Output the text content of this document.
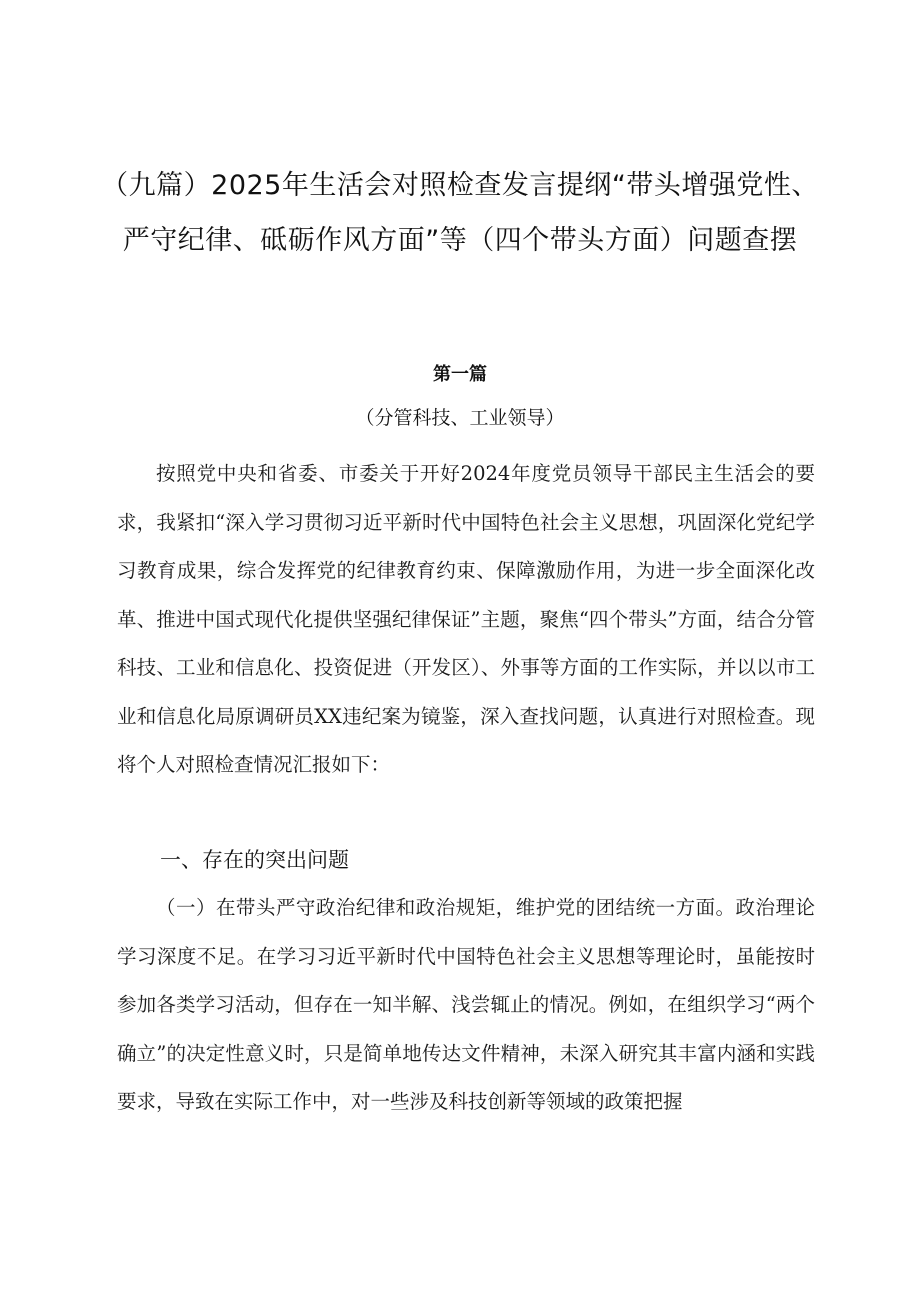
（九篇）2025年生活会对照检查发言提纲“带头增强党性、严守纪律、砥砺作风方面”等（四个带头方面）问题查摆
第一篇
（分管科技、工业领导）

按照党中央和省委、市委关于开好2024年度党员领导干部民主生活会的要求，我紧扣“深入学习贯彻习近平新时代中国特色社会主义思想，巩固深化党纪学习教育成果，综合发挥党的纪律教育约束、保障激励作用，为进一步全面深化改革、推进中国式现代化提供坚强纪律保证”主题，聚焦“四个带头”方面，结合分管科技、工业和信息化、投资促进（开发区）、外事等方面的工作实际，并以以市工业和信息化局原调研员XX违纪案为镜鉴，深入查找问题，认真进行对照检查。现将个人对照检查情况汇报如下：

一、存在的突出问题

（一）在带头严守政治纪律和政治规矩，维护党的团结统一方面。政治理论学习深度不足。在学习习近平新时代中国特色社会主义思想等理论时，虽能按时参加各类学习活动，但存在一知半解、浅尝辄止的情况。例如，在组织学习“两个确立”的决定性意义时，只是简单地传达文件精神，未深入研究其丰富内涵和实践要求，导致在实际工作中，对一些涉及科技创新等领域的政策把握
